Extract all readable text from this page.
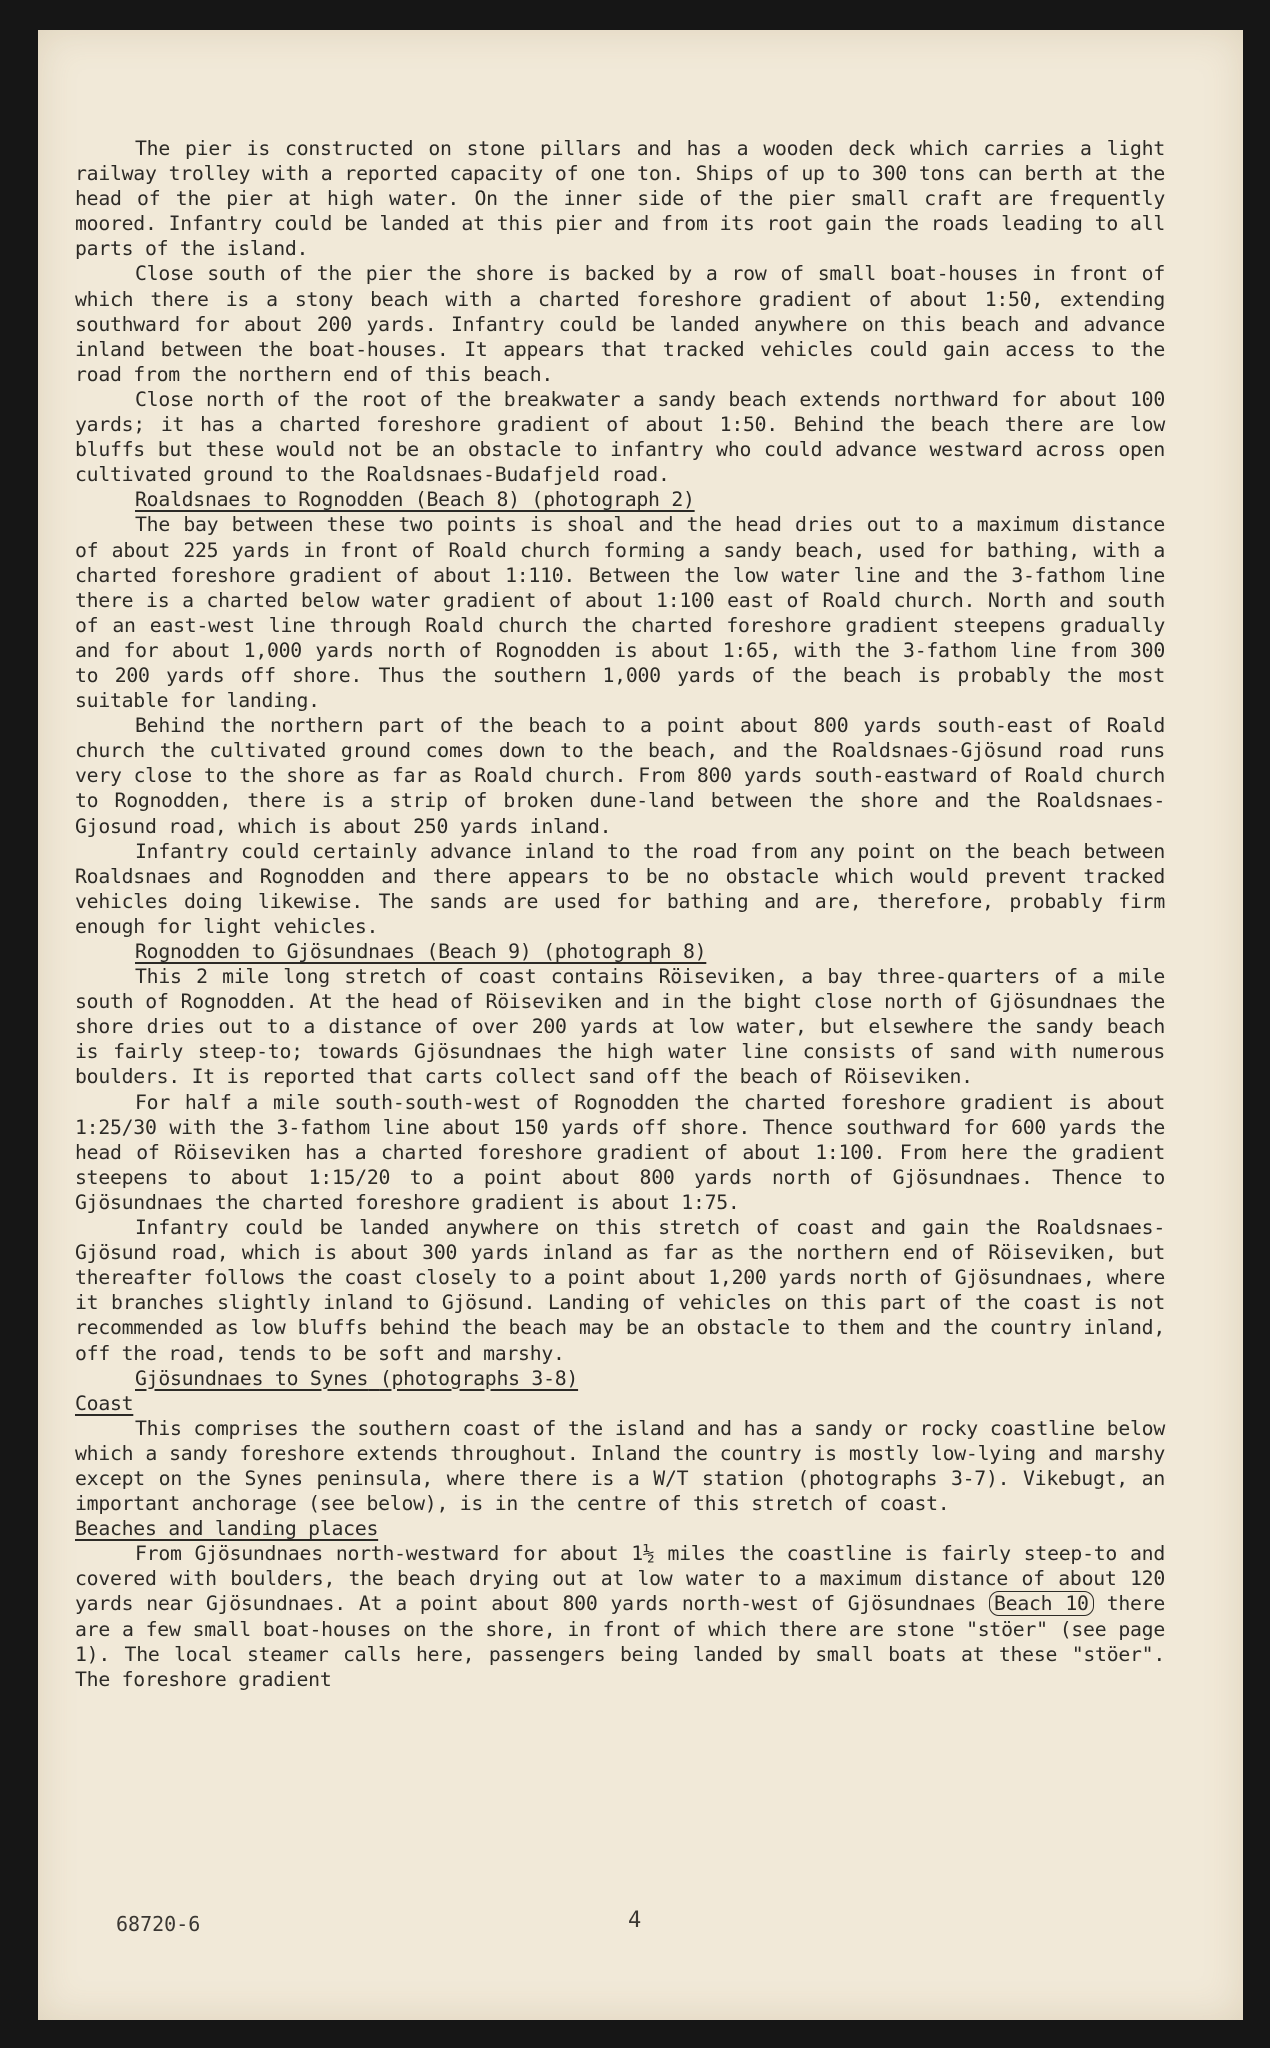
The pier is constructed on stone pillars and has a wooden deck which carries a light railway trolley with a reported capacity of one ton. Ships of up to 300 tons can berth at the head of the pier at high water. On the inner side of the pier small craft are frequently moored. Infantry could be landed at this pier and from its root gain the roads leading to all parts of the island.

Close south of the pier the shore is backed by a row of small boat-houses in front of which there is a stony beach with a charted foreshore gradient of about 1:50, extending southward for about 200 yards. Infantry could be landed anywhere on this beach and advance inland between the boat-houses. It appears that tracked vehicles could gain access to the road from the northern end of this beach.

Close north of the root of the breakwater a sandy beach extends northward for about 100 yards; it has a charted foreshore gradient of about 1:50. Behind the beach there are low bluffs but these would not be an obstacle to infantry who could advance westward across open cultivated ground to the Roaldsnaes-Budafjeld road.

Roaldsnaes to Rognodden (Beach 8) (photograph 2)

The bay between these two points is shoal and the head dries out to a maximum distance of about 225 yards in front of Roald church forming a sandy beach, used for bathing, with a charted foreshore gradient of about 1:110. Between the low water line and the 3-fathom line there is a charted below water gradient of about 1:100 east of Roald church. North and south of an east-west line through Roald church the charted foreshore gradient steepens gradually and for about 1,000 yards north of Rognodden is about 1:65, with the 3-fathom line from 300 to 200 yards off shore. Thus the southern 1,000 yards of the beach is probably the most suitable for landing.

Behind the northern part of the beach to a point about 800 yards south-east of Roald church the cultivated ground comes down to the beach, and the Roaldsnaes-Gjösund road runs very close to the shore as far as Roald church. From 800 yards south-eastward of Roald church to Rognodden, there is a strip of broken dune-land between the shore and the Roaldsnaes-Gjosund road, which is about 250 yards inland.

Infantry could certainly advance inland to the road from any point on the beach between Roaldsnaes and Rognodden and there appears to be no obstacle which would prevent tracked vehicles doing likewise. The sands are used for bathing and are, therefore, probably firm enough for light vehicles.

Rognodden to Gjösundnaes (Beach 9) (photograph 8)

This 2 mile long stretch of coast contains Röiseviken, a bay three-quarters of a mile south of Rognodden. At the head of Röiseviken and in the bight close north of Gjösundnaes the shore dries out to a distance of over 200 yards at low water, but elsewhere the sandy beach is fairly steep-to; towards Gjösundnaes the high water line consists of sand with numerous boulders. It is reported that carts collect sand off the beach of Röiseviken.

For half a mile south-south-west of Rognodden the charted foreshore gradient is about 1:25/30 with the 3-fathom line about 150 yards off shore. Thence southward for 600 yards the head of Röiseviken has a charted foreshore gradient of about 1:100. From here the gradient steepens to about 1:15/20 to a point about 800 yards north of Gjösundnaes. Thence to Gjösundnaes the charted foreshore gradient is about 1:75.

Infantry could be landed anywhere on this stretch of coast and gain the Roaldsnaes-Gjösund road, which is about 300 yards inland as far as the northern end of Röiseviken, but thereafter follows the coast closely to a point about 1,200 yards north of Gjösundnaes, where it branches slightly inland to Gjösund. Landing of vehicles on this part of the coast is not recommended as low bluffs behind the beach may be an obstacle to them and the country inland, off the road, tends to be soft and marshy.

Gjösundnaes to Synes (photographs 3-8)

Coast

This comprises the southern coast of the island and has a sandy or rocky coastline below which a sandy foreshore extends throughout. Inland the country is mostly low-lying and marshy except on the Synes peninsula, where there is a W/T station (photographs 3-7). Vikebugt, an important anchorage (see below), is in the centre of this stretch of coast.

Beaches and landing places

From Gjösundnaes north-westward for about 1½ miles the coastline is fairly steep-to and covered with boulders, the beach drying out at low water to a maximum distance of about 120 yards near Gjösundnaes. At a point about 800 yards north-west of Gjösundnaes Beach 10 there are a few small boat-houses on the shore, in front of which there are stone "stöer" (see page 1). The local steamer calls here, passengers being landed by small boats at these "stöer". The foreshore gradient

68720-6	4
